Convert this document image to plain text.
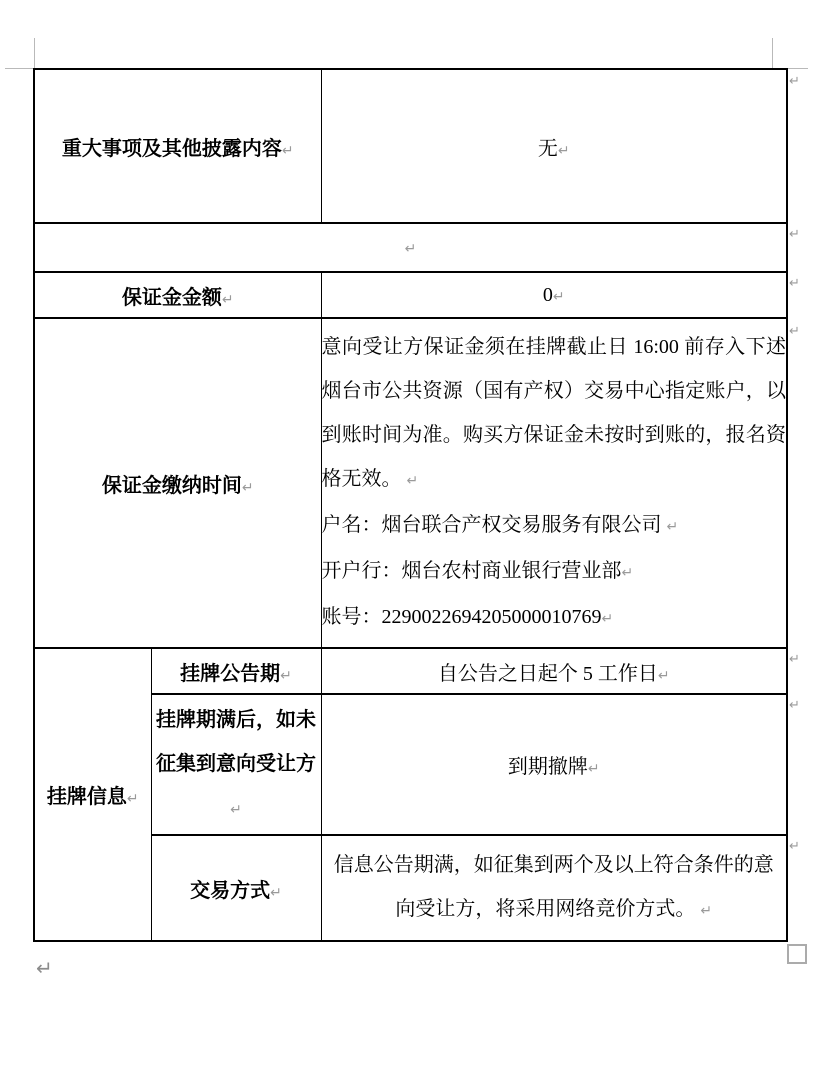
重大事项及其他披露内容↵		无↵
↵		
保证金金额↵		0↵
保证金缴纳时间↵		意向受让方保证金须在挂牌截止日 16:00 前存入下述烟台市公共资源（国有产权）交易中心指定账户，以到账时间为准。购买方保证金未按时到账的，报名资格无效。 ↵
户名：烟台联合产权交易服务有限公司 ↵
开户行：烟台农村商业银行营业部↵
账号：2290022694205000010769↵

挂牌信息↵	挂牌公告期↵	自公告之日起个 5 工作日↵
	挂牌期满后，如未征集到意向受让方↵	到期撤牌↵
	交易方式↵	信息公告期满，如征集到两个及以上符合条件的意向受让方，将采用网络竞价方式。 ↵
↵
↵
↵
↵
↵
↵
↵
↵
